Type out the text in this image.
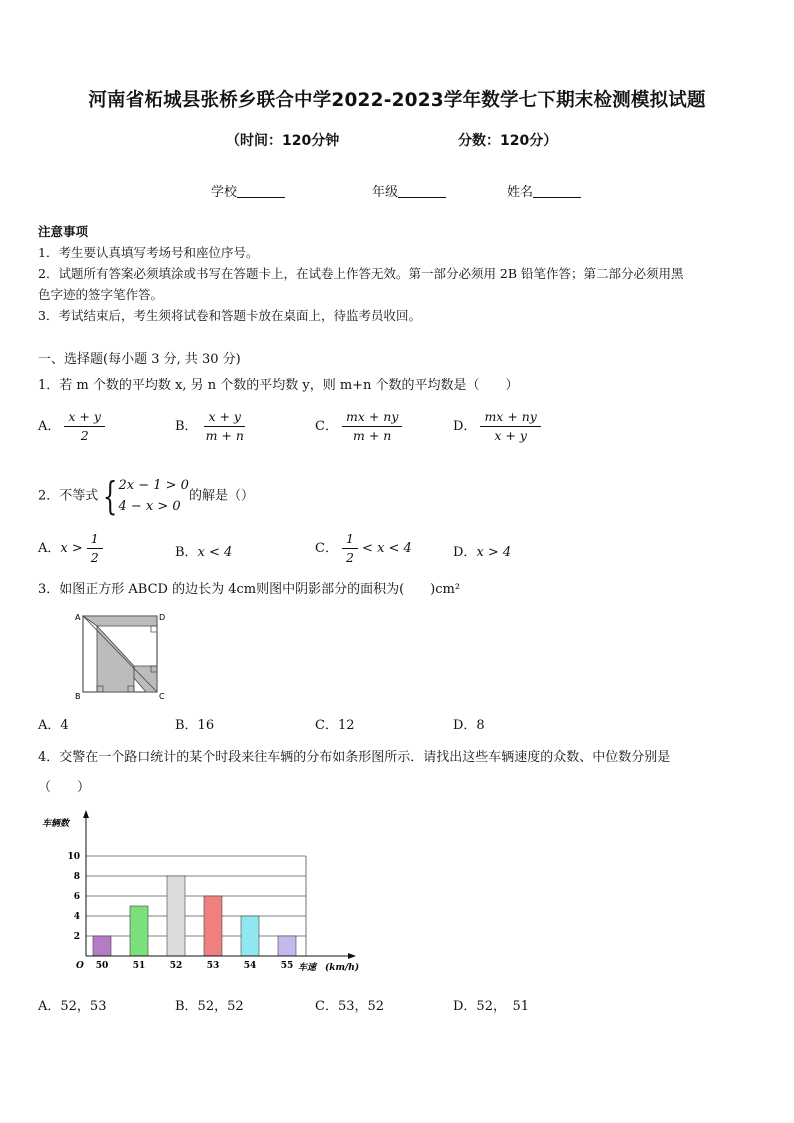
河南省柘城县张桥乡联合中学2022-2023学年数学七下期末检测模拟试题
（时间：120分钟	分数：120分）
学校	年级	姓名
注意事项
1．考生要认真填写考场号和座位序号。
2．试题所有答案必须填涂或书写在答题卡上，在试卷上作答无效。第一部分必须用 2B 铅笔作答；第二部分必须用黑
色字迹的签字笔作答。
3．考试结束后，考生须将试卷和答题卡放在桌面上，待监考员收回。
一、选择题(每小题 3 分, 共 30 分)
1．若 m 个数的平均数 x, 另 n 个数的平均数 y，则 m+n 个数的平均数是（　　）
A． $\frac{x + y}{2}$	B． $\frac{x + y}{m + n}$	C． $\frac{mx + ny}{m + n}$	D． $\frac{mx + ny}{x + y}$
2．不等式 { 2x − 1 > 0
4 − x > 0
的解是（）
A．$x > \frac{1}{2}$	B．x < 4	C． $\frac{1}{2} < x < 4$	D．x > 4
3．如图正方形 ABCD 的边长为 4cm则图中阴影部分的面积为(　　)cm²
A	D
B	C
A．4	B．16	C．12	D．8
4．交警在一个路口统计的某个时段来往车辆的分布如条形图所示．请找出这些车辆速度的众数、中位数分别是
（　　）
2
4
6
8
10
50	51	52	53	54	55
车辆数
车速　(km/h)
O
A．52，53	B．52，52	C．53，52	D．52，　51
